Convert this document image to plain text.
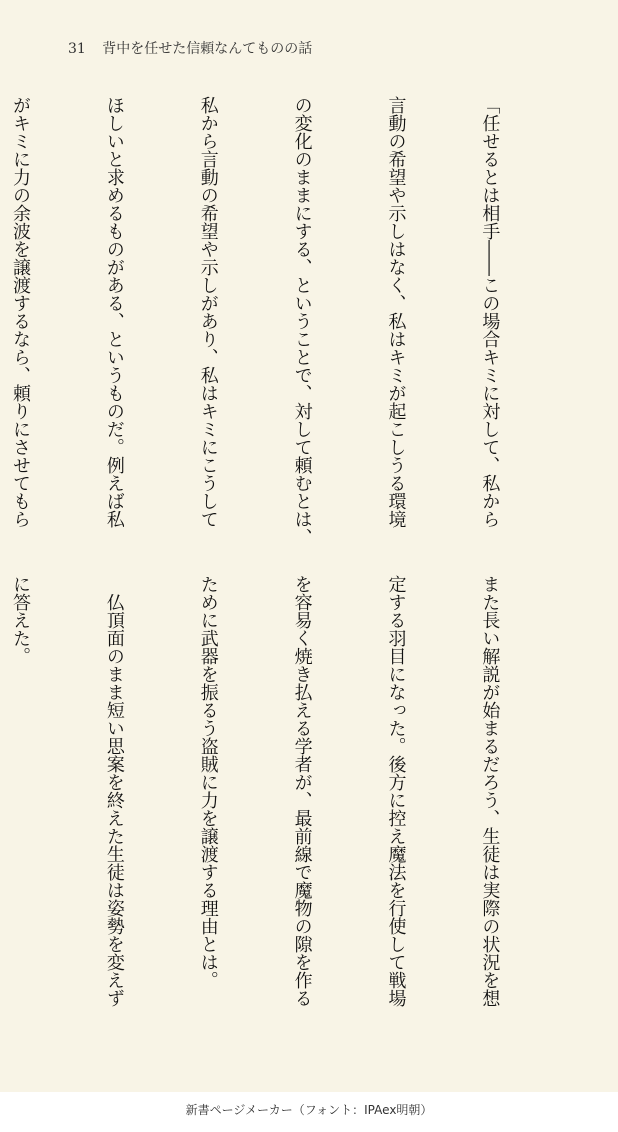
31 背中を任せた信頼なんてものの話

「任せるとは相手――この場合キミに対して、私から

言動の希望や示しはなく、私はキミが起こしうる環境

の変化のままにする、ということで、対して頼むとは、

私から言動の希望や示しがあり、私はキミにこうして

ほしいと求めるものがある、というものだ。例えば私

がキミに力の余波を譲渡するなら、頼りにさせてもら

また長い解説が始まるだろう、生徒は実際の状況を想

定する羽目になった。後方に控え魔法を行使して戦場

を容易く焼き払える学者が、最前線で魔物の隙を作る

ために武器を振るう盗賊に力を譲渡する理由とは。

　仏頂面のまま短い思案を終えた生徒は姿勢を変えず

に答えた。

新書ページメーカー（フォント：IPAex明朝）
